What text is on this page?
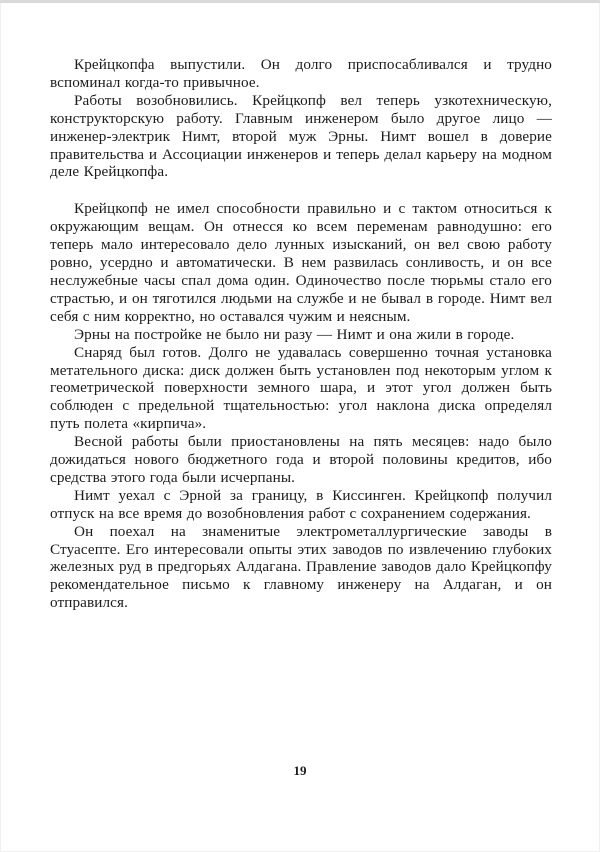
Крейцкопфа выпустили. Он долго приспосабливался и трудно вспоминал когда-то привычное.

Работы возобновились. Крейцкопф вел теперь узкотехническую, конструкторскую работу. Главным инженером было другое лицо — инженер-электрик Нимт, второй муж Эрны. Нимт вошел в доверие правительства и Ассоциации инженеров и теперь делал карьеру на модном деле Крейцкопфа.

Крейцкопф не имел способности правильно и с тактом относиться к окружающим вещам. Он отнесся ко всем переменам равнодушно: его теперь мало интересовало дело лунных изысканий, он вел свою работу ровно, усердно и автоматически. В нем развилась сонливость, и он все неслужебные часы спал дома один. Одиночество после тюрьмы стало его страстью, и он тяготился людьми на службе и не бывал в городе. Нимт вел себя с ним корректно, но оставался чужим и неясным.

Эрны на постройке не было ни разу — Нимт и она жили в городе.

Снаряд был готов. Долго не удавалась совершенно точная установка метательного диска: диск должен быть установлен под некоторым углом к геометрической поверхности земного шара, и этот угол должен быть соблюден с предельной тщательностью: угол наклона диска определял путь полета «кирпича».

Весной работы были приостановлены на пять месяцев: надо было дожидаться нового бюджетного года и второй половины кредитов, ибо средства этого года были исчерпаны.

Нимт уехал с Эрной за границу, в Киссинген. Крейцкопф получил отпуск на все время до возобновления работ с сохранением содержания.

Он поехал на знаменитые электрометаллургические заводы в Стуасепте. Его интересовали опыты этих заводов по извлечению глубоких железных руд в предгорьях Алдагана. Правление заводов дало Крейцкопфу рекомендательное письмо к главному инженеру на Алдаган, и он отправился.

19
